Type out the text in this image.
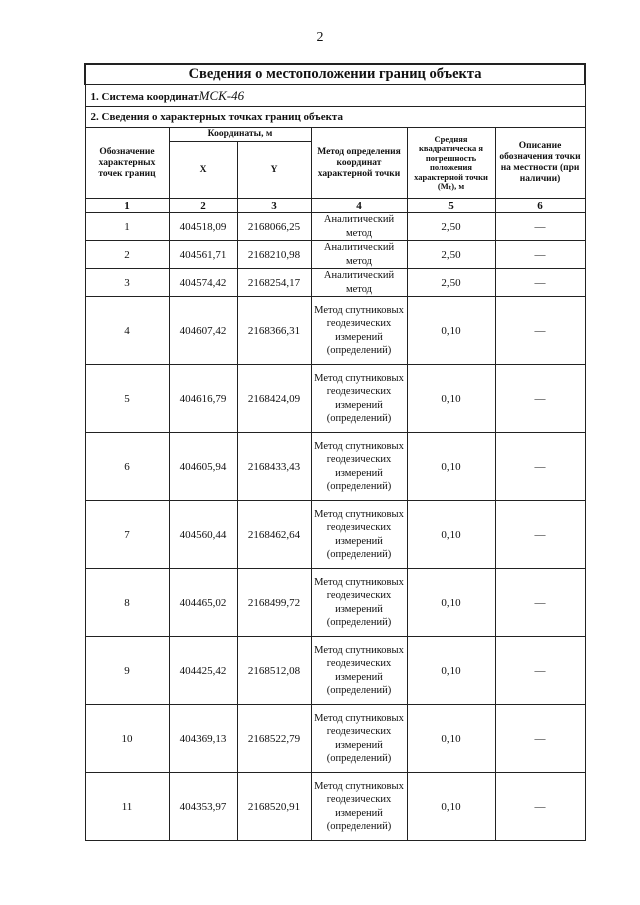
2
Сведения о местоположении границ объекта					
1. Система координатМСК-46					
2. Сведения о характерных точках границ объекта					
Обозначение характерных точек границ	Координаты, м		Метод определения координат характерной точки	Средняя квадратическа я погрешность положения характерной точки (Mₜ), м	Описание обозначения точки на местности (при наличии)
	X	Y			
1	2	3	4	5	6
1	404518,09	2168066,25	Аналитический метод	2,50	—
2	404561,71	2168210,98	Аналитический метод	2,50	—
3	404574,42	2168254,17	Аналитический метод	2,50	—
4	404607,42	2168366,31	Метод спутниковых геодезических измерений (определений)	0,10	—
5	404616,79	2168424,09	Метод спутниковых геодезических измерений (определений)	0,10	—
6	404605,94	2168433,43	Метод спутниковых геодезических измерений (определений)	0,10	—
7	404560,44	2168462,64	Метод спутниковых геодезических измерений (определений)	0,10	—
8	404465,02	2168499,72	Метод спутниковых геодезических измерений (определений)	0,10	—
9	404425,42	2168512,08	Метод спутниковых геодезических измерений (определений)	0,10	—
10	404369,13	2168522,79	Метод спутниковых геодезических измерений (определений)	0,10	—
11	404353,97	2168520,91	Метод спутниковых геодезических измерений (определений)	0,10	—
